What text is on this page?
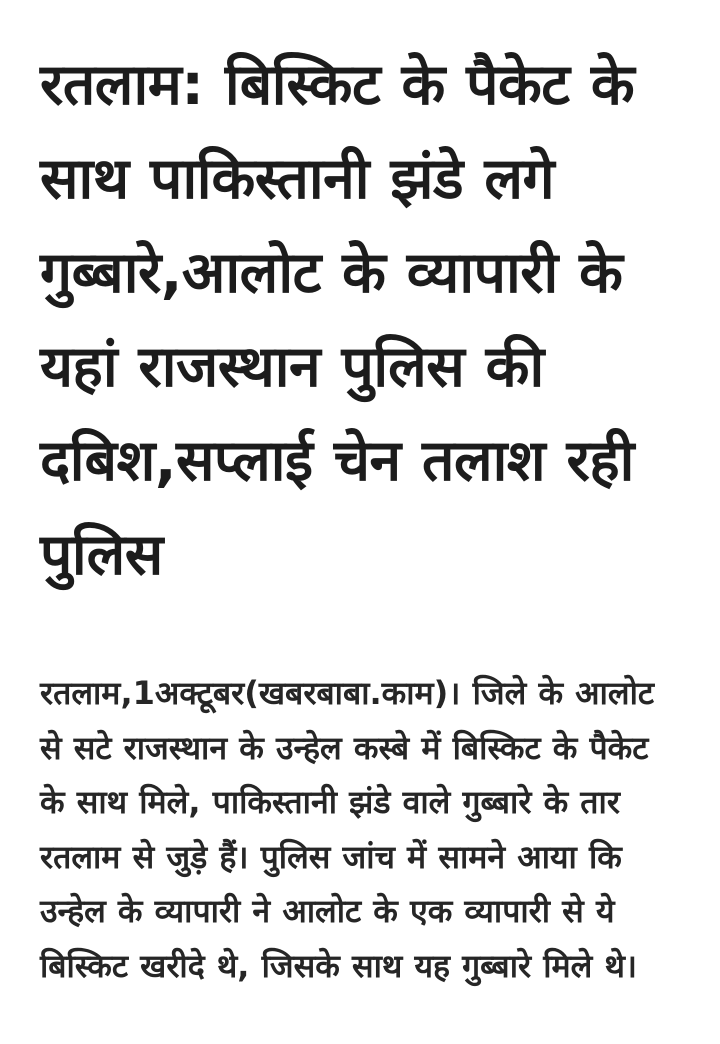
रतलाम: बिस्किट के पैकेट के साथ पाकिस्तानी झंडे लगे गुब्बारे,आलोट के व्यापारी के यहां राजस्थान पुलिस की दबिश,सप्लाई चेन तलाश रही पुलिस

रतलाम,1अक्टूबर(खबरबाबा.काम)। जिले के आलोट से सटे राजस्थान के उन्हेल कस्बे में बिस्किट के पैकेट के साथ मिले, पाकिस्तानी झंडे वाले गुब्बारे के तार रतलाम से जुड़े हैं। पुलिस जांच में सामने आया कि उन्हेल के व्यापारी ने आलोट के एक व्यापारी से ये बिस्किट खरीदे थे, जिसके साथ यह गुब्बारे मिले थे।
